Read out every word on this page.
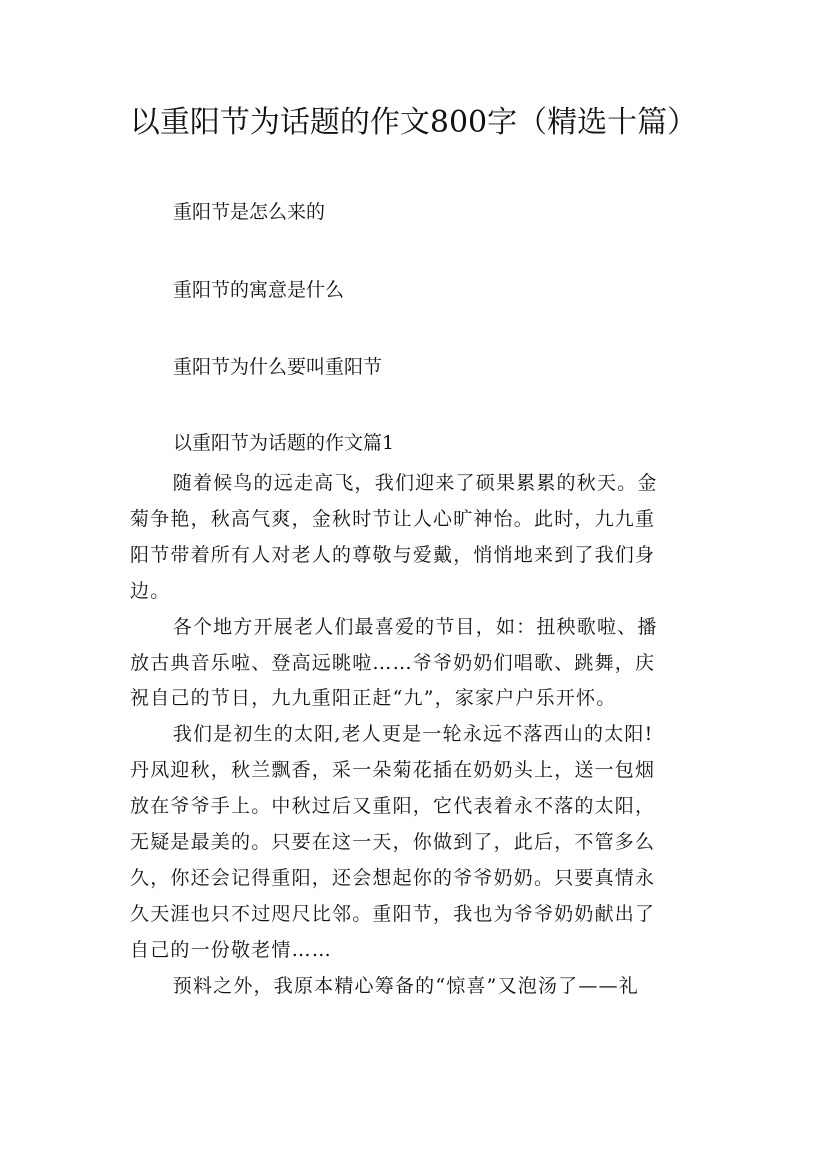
以重阳节为话题的作文800字（精选十篇）
重阳节是怎么来的
重阳节的寓意是什么
重阳节为什么要叫重阳节
以重阳节为话题的作文篇1

随着候鸟的远走高飞，我们迎来了硕果累累的秋天。金
菊争艳，秋高气爽，金秋时节让人心旷神怡。此时，九九重
阳节带着所有人对老人的尊敬与爱戴，悄悄地来到了我们身
边。

各个地方开展老人们最喜爱的节目，如：扭秧歌啦、播
放古典音乐啦、登高远眺啦……爷爷奶奶们唱歌、跳舞，庆
祝自己的节日，九九重阳正赶“九”，家家户户乐开怀。

我们是初生的太阳,老人更是一轮永远不落西山的太阳!
丹凤迎秋，秋兰飘香，采一朵菊花插在奶奶头上，送一包烟
放在爷爷手上。中秋过后又重阳，它代表着永不落的太阳，
无疑是最美的。只要在这一天，你做到了，此后，不管多么
久，你还会记得重阳，还会想起你的爷爷奶奶。只要真情永
久天涯也只不过咫尺比邻。重阳节，我也为爷爷奶奶献出了
自己的一份敬老情……

预料之外，我原本精心筹备的“惊喜”又泡汤了——礼
